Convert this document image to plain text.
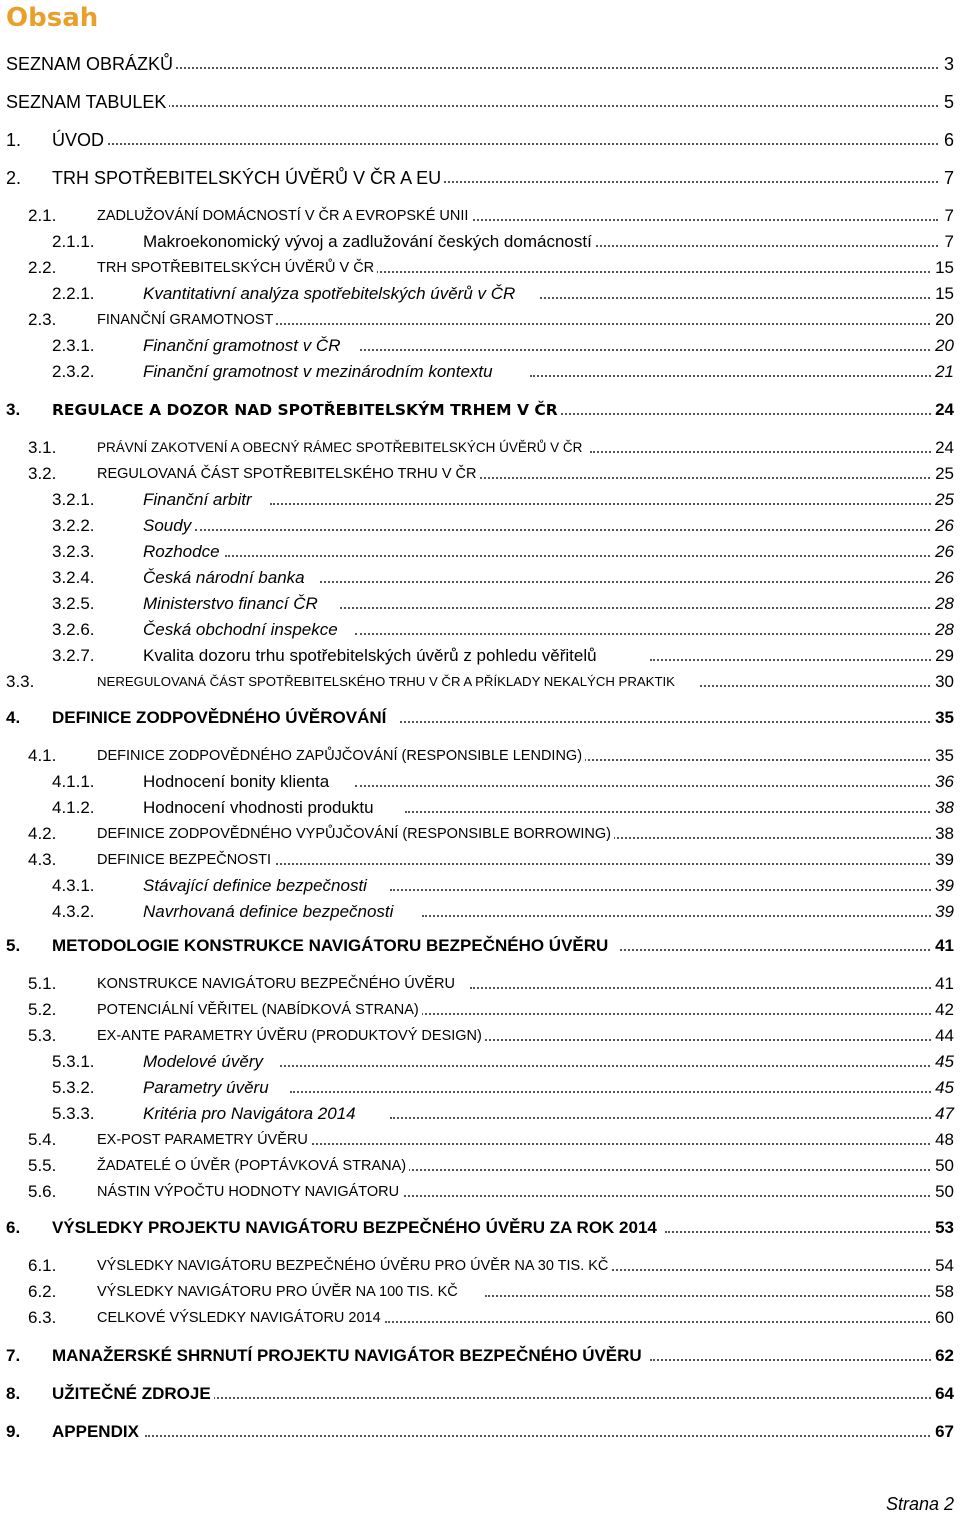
Obsah
SEZNAM OBRÁZKŮ	3
SEZNAM TABULEK	5
1. ÚVOD	6
2. TRH SPOTŘEBITELSKÝCH ÚVĚRŮ V ČR A EU	7
2.1.	ZADLUŽOVÁNÍ DOMÁCNOSTÍ V ČR A EVROPSKÉ UNII	7
2.1.1.	Makroekonomický vývoj a zadlužování českých domácností	7
2.2.	TRH SPOTŘEBITELSKÝCH ÚVĚRŮ V ČR	15
2.2.1.	Kvantitativní analýza spotřebitelských úvěrů v ČR	15
2.3.	FINANČNÍ GRAMOTNOST	20
2.3.1.	Finanční gramotnost v ČR	20
2.3.2.	Finanční gramotnost v mezinárodním kontextu	21
3. REGULACE A DOZOR NAD SPOTŘEBITELSKÝM TRHEM V ČR	24
3.1.	PRÁVNÍ ZAKOTVENÍ A OBECNÝ RÁMEC SPOTŘEBITELSKÝCH ÚVĚRŮ V ČR	24
3.2.	REGULOVANÁ ČÁST SPOTŘEBITELSKÉHO TRHU V ČR	25
3.2.1.	Finanční arbitr	25
3.2.2.	Soudy	26
3.2.3.	Rozhodce	26
3.2.4.	Česká národní banka	26
3.2.5.	Ministerstvo financí ČR	28
3.2.6.	Česká obchodní inspekce	28
3.2.7.	Kvalita dozoru trhu spotřebitelských úvěrů z pohledu věřitelů	29
3.3.	NEREGULOVANÁ ČÁST SPOTŘEBITELSKÉHO TRHU V ČR A PŘÍKLADY NEKALÝCH PRAKTIK	30
4. DEFINICE ZODPOVĚDNÉHO ÚVĚROVÁNÍ	35
4.1.	DEFINICE ZODPOVĚDNÉHO ZAPŮJČOVÁNÍ (RESPONSIBLE LENDING)	35
4.1.1.	Hodnocení bonity klienta	36
4.1.2.	Hodnocení vhodnosti produktu	38
4.2.	DEFINICE ZODPOVĚDNÉHO VYPŮJČOVÁNÍ (RESPONSIBLE BORROWING)	38
4.3.	DEFINICE BEZPEČNOSTI	39
4.3.1.	Stávající definice bezpečnosti	39
4.3.2.	Navrhovaná definice bezpečnosti	39
5. METODOLOGIE KONSTRUKCE NAVIGÁTORU BEZPEČNÉHO ÚVĚRU	41
5.1.	KONSTRUKCE NAVIGÁTORU BEZPEČNÉHO ÚVĚRU	41
5.2.	POTENCIÁLNÍ VĚŘITEL (NABÍDKOVÁ STRANA)	42
5.3.	EX-ANTE PARAMETRY ÚVĚRU (PRODUKTOVÝ DESIGN)	44
5.3.1.	Modelové úvěry	45
5.3.2.	Parametry úvěru	45
5.3.3.	Kritéria pro Navigátora 2014	47
5.4.	EX-POST PARAMETRY ÚVĚRU	48
5.5.	ŽADATELÉ O ÚVĚR (POPTÁVKOVÁ STRANA)	50
5.6.	NÁSTIN VÝPOČTU HODNOTY NAVIGÁTORU	50
6. VÝSLEDKY PROJEKTU NAVIGÁTORU BEZPEČNÉHO ÚVĚRU ZA ROK 2014	53
6.1.	VÝSLEDKY NAVIGÁTORU BEZPEČNÉHO ÚVĚRU PRO ÚVĚR NA 30 TIS. KČ	54
6.2.	VÝSLEDKY NAVIGÁTORU PRO ÚVĚR NA 100 TIS. KČ	58
6.3.	CELKOVÉ VÝSLEDKY NAVIGÁTORU 2014	60
7. MANAŽERSKÉ SHRNUTÍ PROJEKTU NAVIGÁTOR BEZPEČNÉHO ÚVĚRU	62
8. UŽITEČNÉ ZDROJE	64
9. APPENDIX	67
Strana 2
